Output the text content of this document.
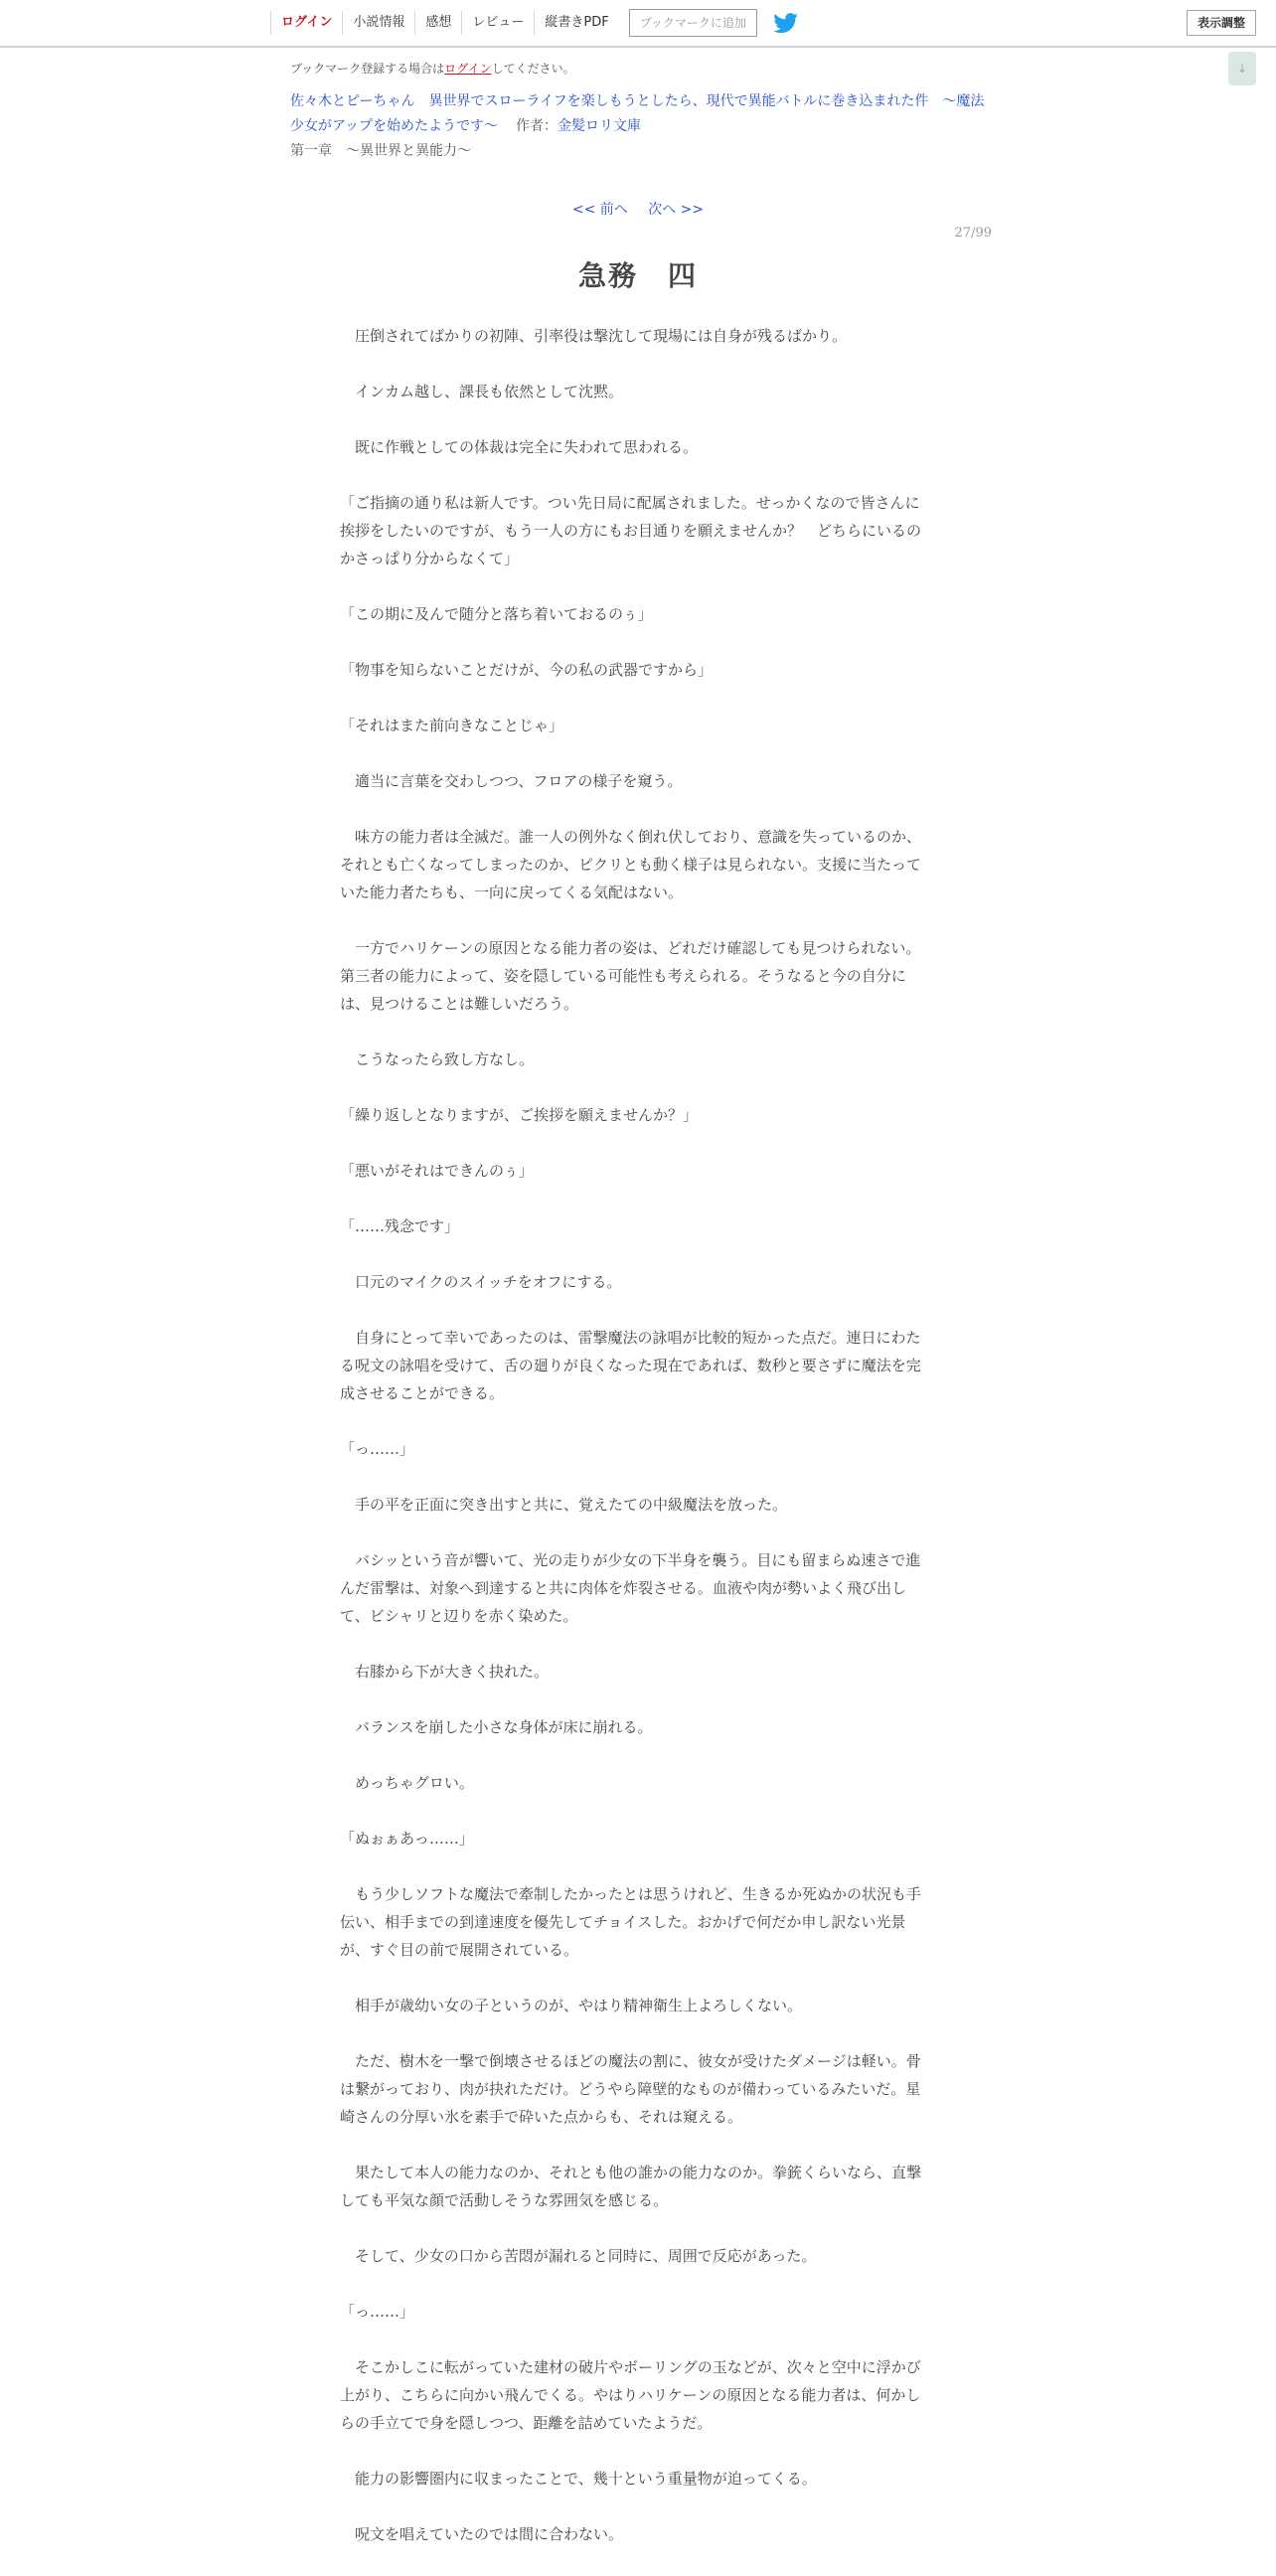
ログイン	小説情報	感想	レビュー	縦書きPDF	ブックマークに追加	表示調整
↓
ブックマーク登録する場合はログインしてください。
佐々木とピーちゃん　異世界でスローライフを楽しもうとしたら、現代で異能バトルに巻き込まれた件　～魔法少女がアップを始めたようです～ 作者：金髪ロリ文庫
第一章　～異世界と異能力～
<< 前へ 次へ >>
27/99
急務　四

　圧倒されてばかりの初陣、引率役は撃沈して現場には自身が残るばかり。

　インカム越し、課長も依然として沈黙。

　既に作戦としての体裁は完全に失われて思われる。

「ご指摘の通り私は新人です。つい先日局に配属されました。せっかくなので皆さんに挨拶をしたいのですが、もう一人の方にもお目通りを願えませんか？　どちらにいるのかさっぱり分からなくて」

「この期に及んで随分と落ち着いておるのぅ」

「物事を知らないことだけが、今の私の武器ですから」

「それはまた前向きなことじゃ」

　適当に言葉を交わしつつ、フロアの様子を窺う。

　味方の能力者は全滅だ。誰一人の例外なく倒れ伏しており、意識を失っているのか、それとも亡くなってしまったのか、ピクリとも動く様子は見られない。支援に当たっていた能力者たちも、一向に戻ってくる気配はない。

　一方でハリケーンの原因となる能力者の姿は、どれだけ確認しても見つけられない。第三者の能力によって、姿を隠している可能性も考えられる。そうなると今の自分には、見つけることは難しいだろう。

　こうなったら致し方なし。

「繰り返しとなりますが、ご挨拶を願えませんか？」

「悪いがそれはできんのぅ」

「……残念です」

　口元のマイクのスイッチをオフにする。

　自身にとって幸いであったのは、雷撃魔法の詠唱が比較的短かった点だ。連日にわたる呪文の詠唱を受けて、舌の廻りが良くなった現在であれば、数秒と要さずに魔法を完成させることができる。

「っ……」

　手の平を正面に突き出すと共に、覚えたての中級魔法を放った。

　バシッという音が響いて、光の走りが少女の下半身を襲う。目にも留まらぬ速さで進んだ雷撃は、対象へ到達すると共に肉体を炸裂させる。血液や肉が勢いよく飛び出して、ビシャリと辺りを赤く染めた。

　右膝から下が大きく抉れた。

　バランスを崩した小さな身体が床に崩れる。

　めっちゃグロい。

「ぬぉぁあっ……」

　もう少しソフトな魔法で牽制したかったとは思うけれど、生きるか死ぬかの状況も手伝い、相手までの到達速度を優先してチョイスした。おかげで何だか申し訳ない光景が、すぐ目の前で展開されている。

　相手が歳幼い女の子というのが、やはり精神衛生上よろしくない。

　ただ、樹木を一撃で倒壊させるほどの魔法の割に、彼女が受けたダメージは軽い。骨は繋がっており、肉が抉れただけ。どうやら障壁的なものが備わっているみたいだ。星崎さんの分厚い氷を素手で砕いた点からも、それは窺える。

　果たして本人の能力なのか、それとも他の誰かの能力なのか。拳銃くらいなら、直撃しても平気な顔で活動しそうな雰囲気を感じる。

　そして、少女の口から苦悶が漏れると同時に、周囲で反応があった。

「っ……」

　そこかしこに転がっていた建材の破片やボーリングの玉などが、次々と空中に浮かび上がり、こちらに向かい飛んでくる。やはりハリケーンの原因となる能力者は、何かしらの手立てで身を隠しつつ、距離を詰めていたようだ。

　能力の影響圏内に収まったことで、幾十という重量物が迫ってくる。

　呪文を唱えていたのでは間に合わない。
